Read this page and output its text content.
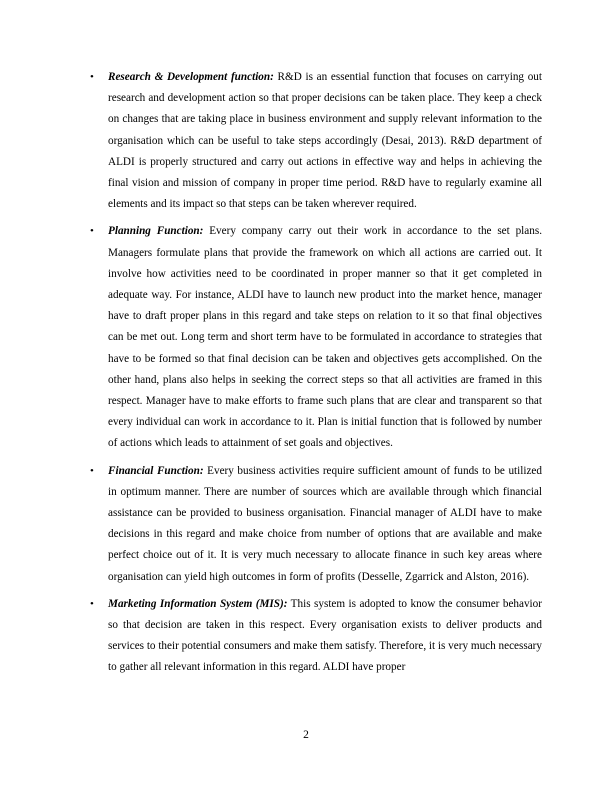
• Research & Development function: R&D is an essential function that focuses on carrying out research and development action so that proper decisions can be taken place. They keep a check on changes that are taking place in business environment and supply relevant information to the organisation which can be useful to take steps accordingly (Desai, 2013). R&D department of ALDI is properly structured and carry out actions in effective way and helps in achieving the final vision and mission of company in proper time period. R&D have to regularly examine all elements and its impact so that steps can be taken wherever required.
• Planning Function: Every company carry out their work in accordance to the set plans. Managers formulate plans that provide the framework on which all actions are carried out. It involve how activities need to be coordinated in proper manner so that it get completed in adequate way. For instance, ALDI have to launch new product into the market hence, manager have to draft proper plans in this regard and take steps on relation to it so that final objectives can be met out. Long term and short term have to be formulated in accordance to strategies that have to be formed so that final decision can be taken and objectives gets accomplished. On the other hand, plans also helps in seeking the correct steps so that all activities are framed in this respect. Manager have to make efforts to frame such plans that are clear and transparent so that every individual can work in accordance to it. Plan is initial function that is followed by number of actions which leads to attainment of set goals and objectives.
• Financial Function: Every business activities require sufficient amount of funds to be utilized in optimum manner. There are number of sources which are available through which financial assistance can be provided to business organisation. Financial manager of ALDI have to make decisions in this regard and make choice from number of options that are available and make perfect choice out of it. It is very much necessary to allocate finance in such key areas where organisation can yield high outcomes in form of profits (Desselle, Zgarrick and Alston, 2016).
• Marketing Information System (MIS): This system is adopted to know the consumer behavior so that decision are taken in this respect. Every organisation exists to deliver products and services to their potential consumers and make them satisfy. Therefore, it is very much necessary to gather all relevant information in this regard. ALDI have proper
2
